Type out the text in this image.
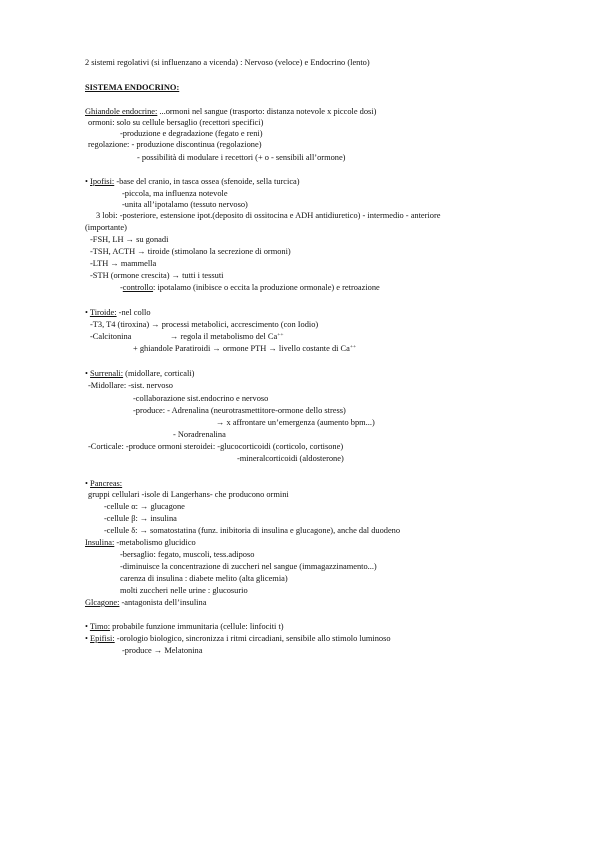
2 sistemi regolativi (si influenzano a vicenda) : Nervoso (veloce) e Endocrino (lento)
SISTEMA ENDOCRINO:
Ghiandole endocrine: ...ormoni nel sangue (trasporto: distanza notevole x piccole dosi)
ormoni: solo su cellule bersaglio (recettori specifici)
-produzione e degradazione (fegato e reni)
regolazione: - produzione discontinua (regolazione)
- possibilità di modulare i recettori (+ o - sensibili all’ormone)
• Ipofisi: -base del cranio, in tasca ossea (sfenoide, sella turcica)
-piccola, ma influenza notevole
-unita all’ipotalamo (tessuto nervoso)
3 lobi: -posteriore, estensione ipot.(deposito di ossitocina e ADH antidiuretico) - intermedio - anteriore
(importante)
-FSH, LH → su gonadi
-TSH, ACTH → tiroide (stimolano la secrezione di ormoni)
-LTH → mammella
-STH (ormone crescita) → tutti i tessuti
-controllo: ipotalamo (inibisce o eccita la produzione ormonale) e retroazione
• Tiroide: -nel collo
-T3, T4 (tiroxina) → processi metabolici, accrescimento (con Iodio)
-Calcitonina	→ regola il metabolismo del Ca++
+ ghiandole Paratiroidi → ormone PTH → livello costante di Ca++
• Surrenali: (midollare, corticali)
-Midollare: -sist. nervoso
-collaborazione sist.endocrino e nervoso
-produce: - Adrenalina (neurotrasmettitore-ormone dello stress)
→ x affrontare un’emergenza (aumento bpm...)
- Noradrenalina
-Corticale: -produce ormoni steroidei: -glucocorticoidi (corticolo, cortisone)
-mineralcorticoidi (aldosterone)
• Pancreas:
gruppi cellulari -isole di Langerhans- che producono ormini
-cellule α: → glucagone
-cellule β: → insulina
-cellule δ: → somatostatina (funz. inibitoria di insulina e glucagone), anche dal duodeno
Insulina: -metabolismo glucidico
-bersaglio: fegato, muscoli, tess.adiposo
-diminuisce la concentrazione di zuccheri nel sangue (immagazzinamento...)
carenza di insulina : diabete melito (alta glicemia)
molti zuccheri nelle urine : glucosurio
Glcagone: -antagonista dell’insulina
• Timo: probabile funzione immunitaria (cellule: linfociti t)
• Epifisi: -orologio biologico, sincronizza i ritmi circadiani, sensibile allo stimolo luminoso
-produce → Melatonina
